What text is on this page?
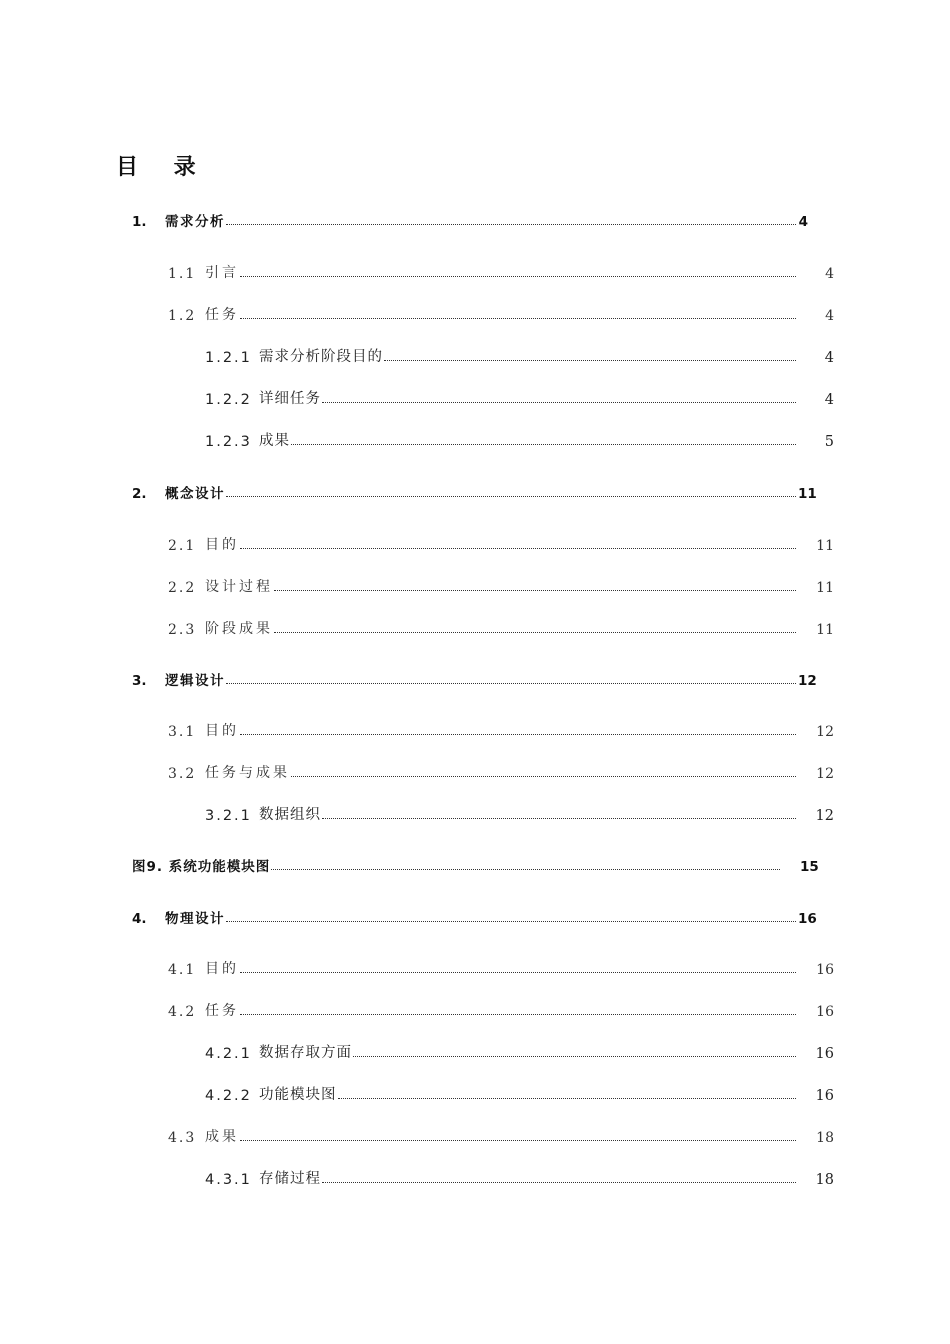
目 录
1.	需求分析	4
1.1 引言	4
1.2 任务	4
1.2.1 需求分析阶段目的	4
1.2.2 详细任务	4
1.2.3 成果	5
2.	概念设计	11
2.1 目的	11
2.2 设计过程	11
2.3 阶段成果	11
3.	逻辑设计	12
3.1 目的	12
3.2 任务与成果	12
3.2.1 数据组织	12
图9. 系统功能模块图	15
4.	物理设计	16
4.1 目的	16
4.2 任务	16
4.2.1 数据存取方面	16
4.2.2 功能模块图	16
4.3 成果	18
4.3.1 存储过程	18
